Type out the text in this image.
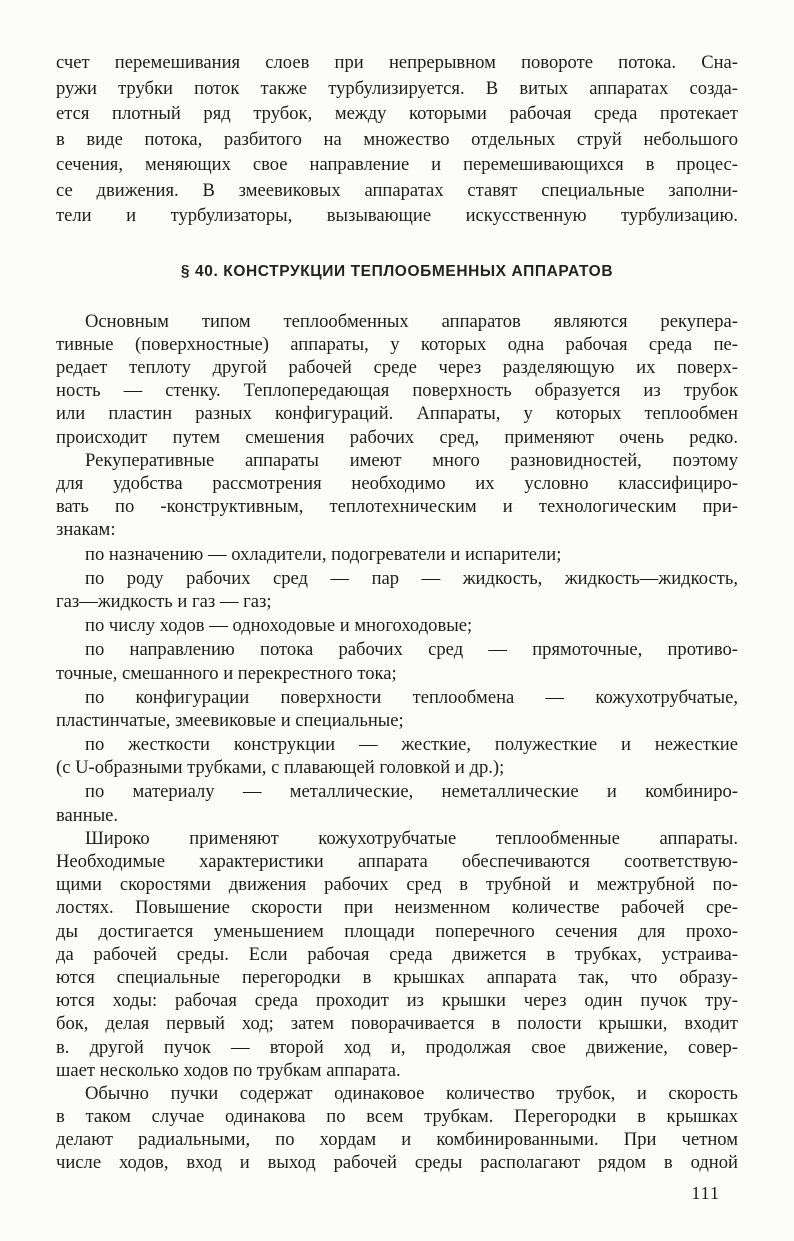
счет перемешивания слоев при непрерывном повороте потока. Сна-
ружи трубки поток также турбулизируется. В витых аппаратах созда-
ется плотный ряд трубок, между которыми рабочая среда протекает
в виде потока, разбитого на множество отдельных струй небольшого
сечения, меняющих свое направление и перемешивающихся в процес-
се движения. В змеевиковых аппаратах ставят специальные заполни-
тели и турбулизаторы, вызывающие искусственную турбулизацию.
§ 40. КОНСТРУКЦИИ ТЕПЛООБМЕННЫХ АППАРАТОВ
Основным типом теплообменных аппаратов являются рекупера-
тивные (поверхностные) аппараты, у которых одна рабочая среда пе-
редает теплоту другой рабочей среде через разделяющую их поверх-
ность — стенку. Теплопередающая поверхность образуется из трубок
или пластин разных конфигураций. Аппараты, у которых теплообмен
происходит путем смешения рабочих сред, применяют очень редко.
Рекуперативные аппараты имеют много разновидностей, поэтому
для удобства рассмотрения необходимо их условно классифициро-
вать по -конструктивным, теплотехническим и технологическим при-
знакам:
по назначению — охладители, подогреватели и испарители;
по роду рабочих сред — пар — жидкость, жидкость—жидкость,
газ—жидкость и газ — газ;
по числу ходов — одноходовые и многоходовые;
по направлению потока рабочих сред — прямоточные, противо-
точные, смешанного и перекрестного тока;
по конфигурации поверхности теплообмена — кожухотрубчатые,
пластинчатые, змеевиковые и специальные;
по жесткости конструкции — жесткие, полужесткие и нежесткие
(с U-образными трубками, с плавающей головкой и др.);
по материалу — металлические, неметаллические и комбиниро-
ванные.
Широко применяют кожухотрубчатые теплообменные аппараты.
Необходимые характеристики аппарата обеспечиваются соответствую-
щими скоростями движения рабочих сред в трубной и межтрубной по-
лостях. Повышение скорости при неизменном количестве рабочей сре-
ды достигается уменьшением площади поперечного сечения для прохо-
да рабочей среды. Если рабочая среда движется в трубках, устраива-
ются специальные перегородки в крышках аппарата так, что образу-
ются ходы: рабочая среда проходит из крышки через один пучок тру-
бок, делая первый ход; затем поворачивается в полости крышки, входит
в. другой пучок — второй ход и, продолжая свое движение, совер-
шает несколько ходов по трубкам аппарата.
Обычно пучки содержат одинаковое количество трубок, и скорость
в таком случае одинакова по всем трубкам. Перегородки в крышках
делают радиальными, по хордам и комбинированными. При четном
числе ходов, вход и выход рабочей среды располагают рядом в одной
111
